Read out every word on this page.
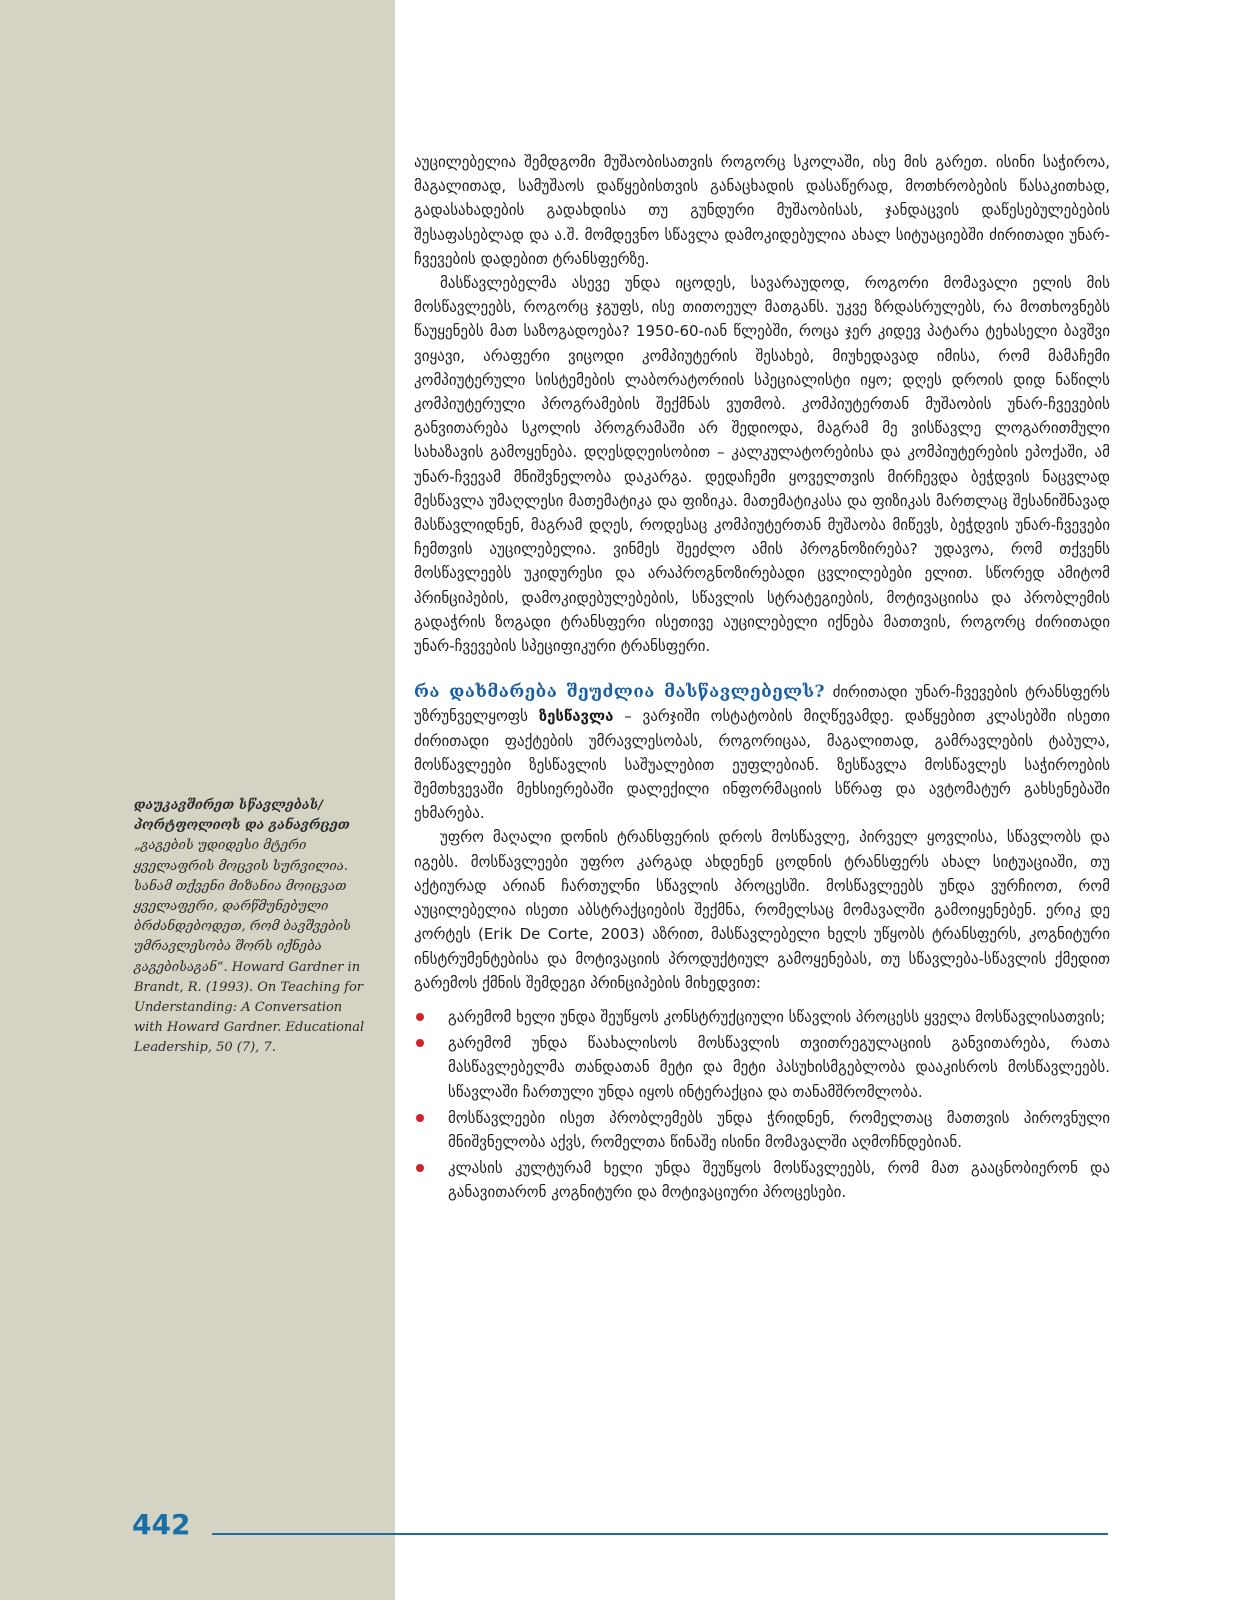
დაუკავშირეთ სწავლებას/პორტფოლიოს და განავრცეთ
„გაგების უდიდესი მტერი ყველაფრის მოცვის სურვილია. სანამ თქვენი მიზანია მოიცვათ ყველაფერი, დარწმუნებული ბრძანდებოდეთ, რომ ბავშვების უმრავლესობა შორს იქნება გაგებისაგან“. Howard Gardner in Brandt, R. (1993). On Teaching for Understanding: A Conversation with Howard Gardner. Educational Leadership, 50 (7), 7.

აუცილებელია შემდგომი მუშაობისათვის როგორც სკოლაში, ისე მის გარეთ. ისინი საჭიროა, მაგალითად, სამუშაოს დაწყებისთვის განაცხადის დასაწერად, მოთხრობების წასაკითხად, გადასახადების გადახდისა თუ გუნდური მუშაობისას, ჯანდაცვის დაწესებულებების შესაფასებლად და ა.შ. მომდევნო სწავლა დამოკიდებულია ახალ სიტუაციებში ძირითადი უნარ-ჩვევების დადებით ტრანსფერზე.

მასწავლებელმა ასევე უნდა იცოდეს, სავარაუდოდ, როგორი მომავალი ელის მის მოსწავლეებს, როგორც ჯგუფს, ისე თითოეულ მათგანს. უკვე ზრდასრულებს, რა მოთხოვნებს წაუყენებს მათ საზოგადოება? 1950-60-იან წლებში, როცა ჯერ კიდევ პატარა ტეხასელი ბავშვი ვიყავი, არაფერი ვიცოდი კომპიუტერის შესახებ, მიუხედავად იმისა, რომ მამაჩემი კომპიუტერული სისტემების ლაბორატორიის სპეციალისტი იყო; დღეს დროის დიდ ნაწილს კომპიუტერული პროგრამების შექმნას ვუთმობ. კომპიუტერთან მუშაობის უნარ-ჩვევების განვითარება სკოლის პროგრამაში არ შედიოდა, მაგრამ მე ვისწავლე ლოგარითმული სახაზავის გამოყენება. დღესდღეისობით – კალკულატორებისა და კომპიუტერების ეპოქაში, ამ უნარ-ჩვევამ მნიშვნელობა დაკარგა. დედაჩემი ყოველთვის მირჩევდა ბეჭდვის ნაცვლად მესწავლა უმაღლესი მათემატიკა და ფიზიკა. მათემატიკასა და ფიზიკას მართლაც შესანიშნავად მასწავლიდნენ, მაგრამ დღეს, როდესაც კომპიუტერთან მუშაობა მიწევს, ბეჭდვის უნარ-ჩვევები ჩემთვის აუცილებელია. ვინმეს შეეძლო ამის პროგნოზირება? უდავოა, რომ თქვენს მოსწავლეებს უკიდურესი და არაპროგნოზირებადი ცვლილებები ელით. სწორედ ამიტომ პრინციპების, დამოკიდებულებების, სწავლის სტრატეგიების, მოტივაციისა და პრობლემის გადაჭრის ზოგადი ტრანსფერი ისეთივე აუცილებელი იქნება მათთვის, როგორც ძირითადი უნარ-ჩვევების სპეციფიკური ტრანსფერი.

რა დახმარება შეუძლია მასწავლებელს? ძირითადი უნარ-ჩვევების ტრანსფერს უზრუნველყოფს ზესწავლა – ვარჯიში ოსტატობის მიღწევამდე. დაწყებით კლასებში ისეთი ძირითადი ფაქტების უმრავლესობას, როგორიცაა, მაგალითად, გამრავლების ტაბულა, მოსწავლეები ზესწავლის საშუალებით ეუფლებიან. ზესწავლა მოსწავლეს საჭიროების შემთხვევაში მეხსიერებაში დალექილი ინფორმაციის სწრაფ და ავტომატურ გახსენებაში ეხმარება.

უფრო მაღალი დონის ტრანსფერის დროს მოსწავლე, პირველ ყოვლისა, სწავლობს და იგებს. მოსწავლეები უფრო კარგად ახდენენ ცოდნის ტრანსფერს ახალ სიტუაციაში, თუ აქტიურად არიან ჩართულნი სწავლის პროცესში. მოსწავლეებს უნდა ვურჩიოთ, რომ აუცილებელია ისეთი აბსტრაქციების შექმნა, რომელსაც მომავალში გამოიყენებენ. ერიკ დე კორტეს (Erik De Corte, 2003) აზრით, მასწავლებელი ხელს უწყობს ტრანსფერს, კოგნიტური ინსტრუმენტებისა და მოტივაციის პროდუქტიულ გამოყენებას, თუ სწავლება-სწავლის ქმედით გარემოს ქმნის შემდეგი პრინციპების მიხედვით:

გარემომ ხელი უნდა შეუწყოს კონსტრუქციული სწავლის პროცესს ყველა მოსწავლისათვის;
გარემომ უნდა წაახალისოს მოსწავლის თვითრეგულაციის განვითარება, რათა მასწავლებელმა თანდათან მეტი და მეტი პასუხისმგებლობა დააკისროს მოსწავლეებს. სწავლაში ჩართული უნდა იყოს ინტერაქცია და თანამშრომლობა.
მოსწავლეები ისეთ პრობლემებს უნდა ჭრიდნენ, რომელთაც მათთვის პიროვნული მნიშვნელობა აქვს, რომელთა წინაშე ისინი მომავალში აღმოჩნდებიან.
კლასის კულტურამ ხელი უნდა შეუწყოს მოსწავლეებს, რომ მათ გააცნობიერონ და განავითარონ კოგნიტური და მოტივაციური პროცესები.
442
